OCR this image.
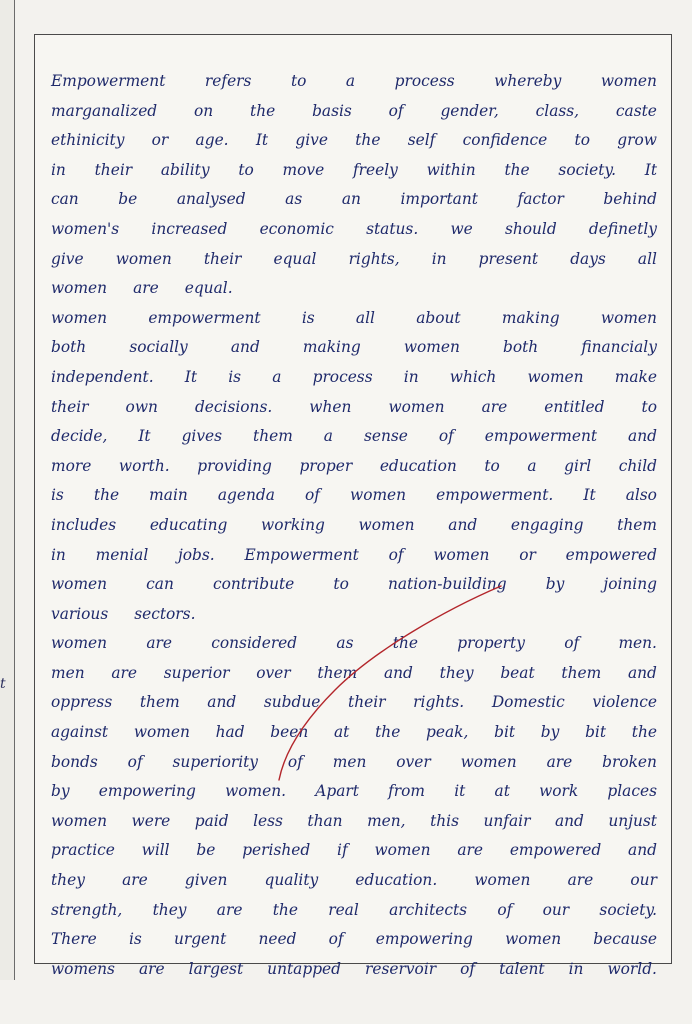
t
Empowerment	refers	to	a	process	whereby	women
marganalized on the basis of gender, class, caste
ethinicity or age. It give the self confidence to grow
in their ability to move freely within the society. It
can	be	analysed	as	an	important	factor	behind
women's increased economic status. we should definetly
give women their equal rights, in present days all
women are equal.
women	empowerment	is	all	about	making	women
both	socially	and	making	women	both	financialy
independent. It is a process in which women make
their own decisions. when women are entitled to
decide, It gives them a sense of empowerment and
more worth. providing proper education to a girl child
is the main agenda of women empowerment. It also
includes educating working women and engaging them
in menial jobs. Empowerment of women or empowered
women	can	contribute	to	nation-building	by	joining
various sectors.
women	are	considered	as	the	property	of	men.
men are superior over them and they beat them and
oppress them and subdue their rights. Domestic violence
against women had been at the peak, bit by bit the
bonds of superiority of men over women are broken
by empowering women. Apart from it at work places
women were paid less than men, this unfair and unjust
practice will be perished if women are empowered and
they are given quality education. women are our
strength, they are the real architects of our society.
There is urgent need of empowering women because
womens are largest untapped reservoir of talent in world.
